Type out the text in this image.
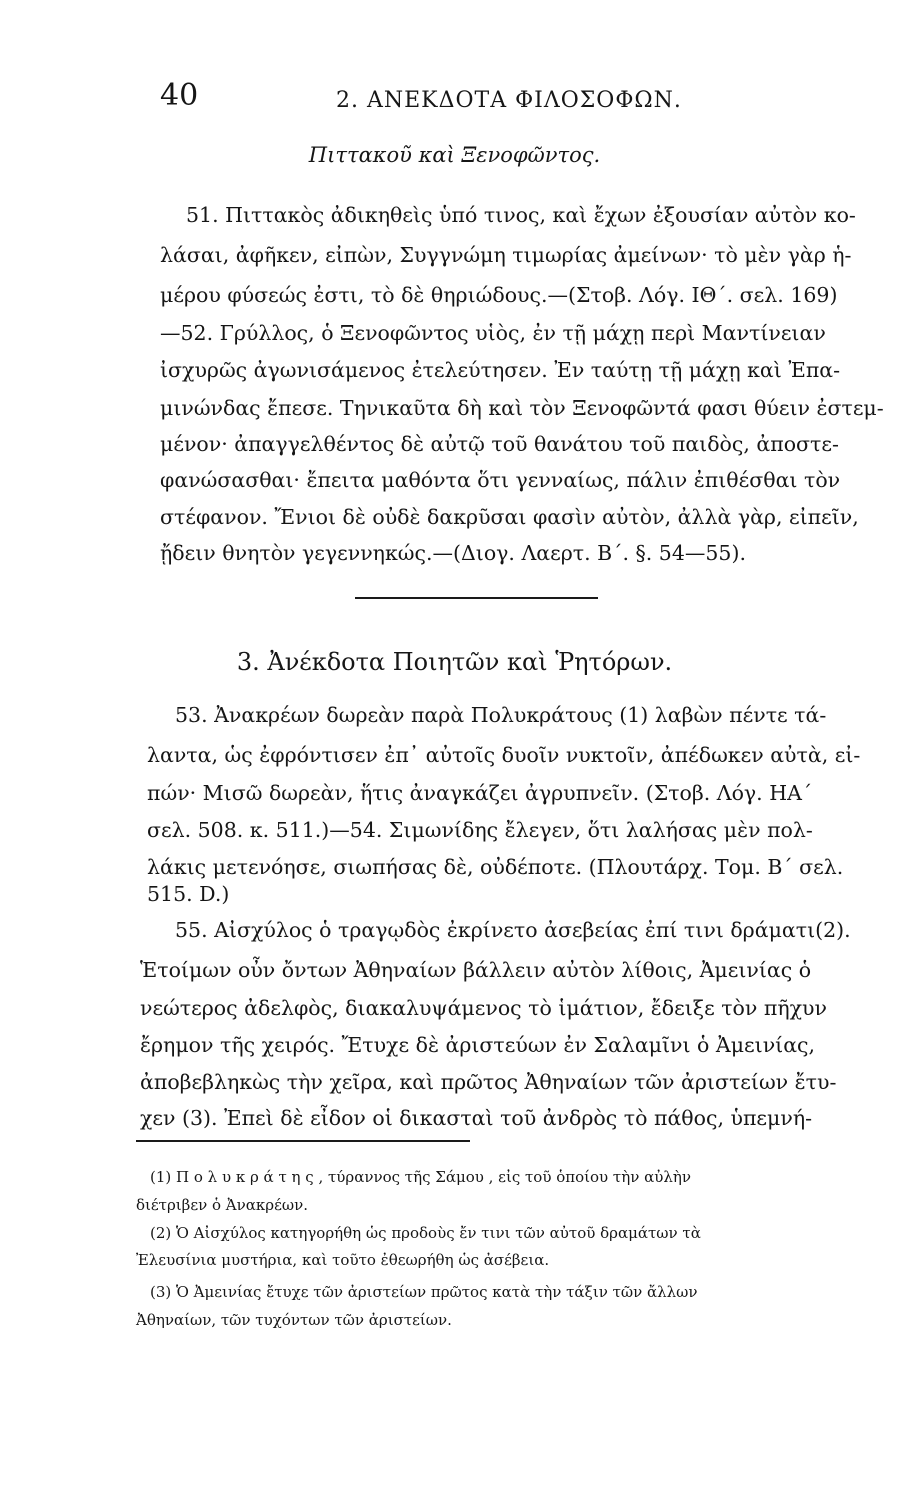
40	2. ΑΝΕΚΔΟΤΑ ΦΙΛΟΣΟΦΩΝ.
Πιττακοῦ καὶ Ξενοφῶντος.
51. Πιττακὸς ἀδικηθεὶς ὑπό τινος, καὶ ἔχων ἐξουσίαν αὐτὸν κο-
λάσαι, ἀφῆκεν, εἰπὼν, Συγγνώμη τιμωρίας ἀμείνων· τὸ μὲν γὰρ ἡ-
μέρου φύσεώς ἐστι, τὸ δὲ θηριώδους.—(Στοβ. Λόγ. ΙΘ΄. σελ. 169)
—52. Γρύλλος, ὁ Ξενοφῶντος υἱὸς, ἐν τῇ μάχῃ περὶ Μαντίνειαν
ἰσχυρῶς ἀγωνισάμενος ἐτελεύτησεν. Ἐν ταύτῃ τῇ μάχῃ καὶ Ἐπα-
μινώνδας ἔπεσε. Τηνικαῦτα δὴ καὶ τὸν Ξενοφῶντά φασι θύειν ἐστεμ-
μένον· ἀπαγγελθέντος δὲ αὐτῷ τοῦ θανάτου τοῦ παιδὸς, ἀποστε-
φανώσασθαι· ἔπειτα μαθόντα ὅτι γενναίως, πάλιν ἐπιθέσθαι τὸν
στέφανον. Ἔνιοι δὲ οὐδὲ δακρῦσαι φασὶν αὐτὸν, ἀλλὰ γὰρ, εἰπεῖν,
ᾔδειν θνητὸν γεγεννηκώς.—(Διογ. Λαερτ. Β΄. §. 54—55).
3. Ἀνέκδοτα Ποιητῶν καὶ Ῥητόρων.
53. Ἀνακρέων δωρεὰν παρὰ Πολυκράτους (1) λαβὼν πέντε τά-
λαντα, ὡς ἐφρόντισεν ἐπ᾽ αὐτοῖς δυοῖν νυκτοῖν, ἀπέδωκεν αὐτὰ, εἰ-
πών· Μισῶ δωρεὰν, ἥτις ἀναγκάζει ἀγρυπνεῖν. (Στοβ. Λόγ. ΗΑ΄
σελ. 508. κ. 511.)—54. Σιμωνίδης ἔλεγεν, ὅτι λαλήσας μὲν πολ-
λάκις μετενόησε, σιωπήσας δὲ, οὐδέποτε. (Πλουτάρχ. Τομ. Β΄ σελ.
515. D.)
55. Αἰσχύλος ὁ τραγῳδὸς ἐκρίνετο ἀσεβείας ἐπί τινι δράματι(2).
Ἑτοίμων οὖν ὄντων Ἀθηναίων βάλλειν αὐτὸν λίθοις, Ἀμεινίας ὁ
νεώτερος ἀδελφὸς, διακαλυψάμενος τὸ ἱμάτιον, ἔδειξε τὸν πῆχυν
ἔρημον τῆς χειρός. Ἔτυχε δὲ ἀριστεύων ἐν Σαλαμῖνι ὁ Ἀμεινίας,
ἀποβεβληκὼς τὴν χεῖρα, καὶ πρῶτος Ἀθηναίων τῶν ἀριστείων ἔτυ-
χεν (3). Ἐπεὶ δὲ εἶδον οἱ δικασταὶ τοῦ ἀνδρὸς τὸ πάθος, ὑπεμνή-
(1) Π ο λ υ κ ρ ά τ η ς , τύραννος τῆς Σάμου , εἰς τοῦ ὁποίου τὴν αὐλὴν
διέτριβεν ὁ Ἀνακρέων.
(2) Ὁ Αἰσχύλος κατηγορήθη ὡς προδοὺς ἔν τινι τῶν αὐτοῦ δραμάτων τὰ
Ἐλευσίνια μυστήρια, καὶ τοῦτο ἐθεωρήθη ὡς ἀσέβεια.
(3) Ὁ Ἀμεινίας ἔτυχε τῶν ἀριστείων πρῶτος κατὰ τὴν τάξιν τῶν ἄλλων
Ἀθηναίων, τῶν τυχόντων τῶν ἀριστείων.
